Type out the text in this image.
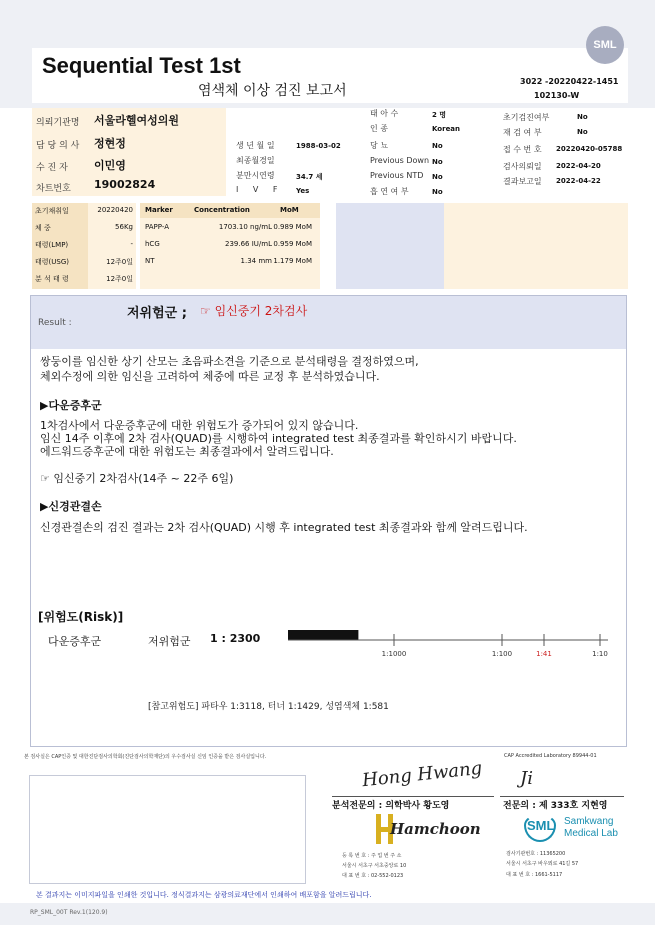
Sequential Test 1st
염색체 이상 검진 보고서
3022 -20220422-1451
102130-W
SML
의뢰기관명 서울라헬여성의원
담 당 의 사 정현정
수 진 자 이민영
차트번호 19002824
생 년 월 일	1988-03-02
최종월경일
분만시연령	34.7 세
I V F Yes
태 아 수	2 명
인 종	Korean
당 뇨	No
Previous Down No
Previous NTD No
흡 연 여 부	No
초기검진여부	No
재 검 여 부	No
접 수 번 호 20220420-05788
검사의뢰일 2022-04-20
결과보고일 2022-04-22
초기채취일	20220420
체 중	56Kg
태령(LMP)	-
태령(USG)	12주0일
분 석 태 령	12주0일
Marker	Concentration	MoM
PAPP-A	1703.10 ng/mL 0.989 MoM
hCG	239.66 IU/mL 0.959 MoM
NT	1.34 mm 1.179 MoM
Result :
저위험군 ; ☞ 임신중기 2차검사
쌍둥이를 임신한 상기 산모는 초음파소견을 기준으로 분석태령을 결정하였으며,
체외수정에 의한 임신을 고려하여 체중에 따른 교정 후 분석하였습니다.
▶다운증후군
1차검사에서 다운증후군에 대한 위험도가 증가되어 있지 않습니다.
임신 14주 이후에 2차 검사(QUAD)를 시행하여 integrated test 최종결과를 확인하시기 바랍니다.
에드워드증후군에 대한 위험도는 최종결과에서 알려드립니다.
☞ 임신중기 2차검사(14주 ~ 22주 6일)
▶신경관결손
신경관결손의 검진 결과는 2차 검사(QUAD) 시행 후 integrated test 최종결과와 함께 알려드립니다.
[위험도(Risk)]
다운증후군	저위험군 1 : 2300
1:1000	1:100	1:41	1:10
[참고위험도] 파타우 1:3118, 터너 1:1429, 성염색체 1:581
본 검사실은 CAP인증 및 대한진단검사의학회(진단검사의학재단)의 우수검사실 신임 인증을 받은 검사실입니다.	CAP Accredited Laboratory 89944-01
Hong Hwang
분석전문의 : 의학박사 황도영
Ji
전문의 : 제 333호 지현영
Hamchoon	SML Samkwang
Medical Lab
등 록 번 호 : 주 업 번 주 소
서울시 서초구 서초중앙로 10
대 표 번 호 : 02-552-0123
검사기관번호 : 11365200
서울시 서초구 바우뫼로 41길 57
대 표 번 호 : 1661-5117
본 결과지는 이미지파일을 인쇄한 것입니다. 정식결과지는 삼광의료재단에서 인쇄하여 배포함을 알려드립니다.
RP_SML_00T Rev.1(120.9)
